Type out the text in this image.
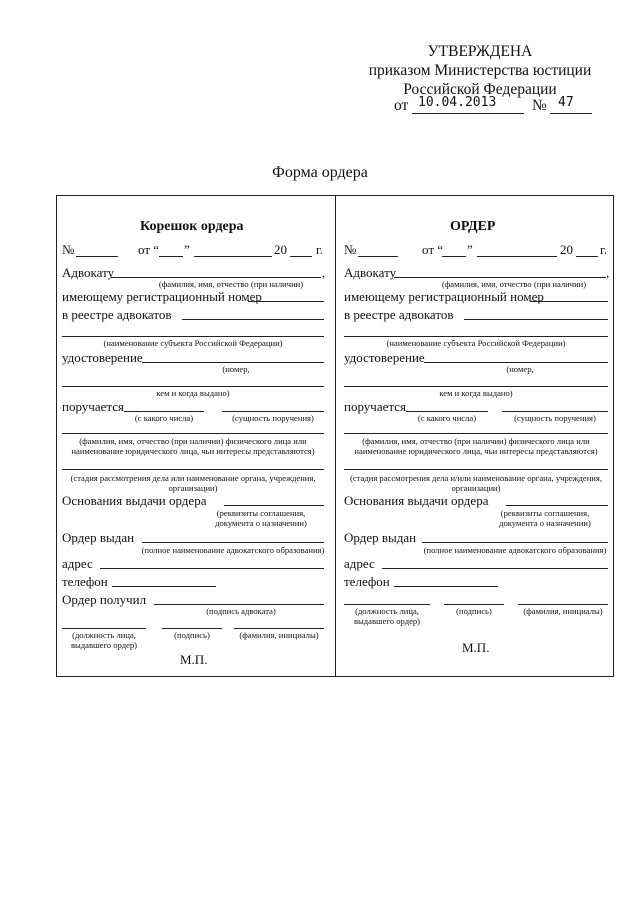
УТВЕРЖДЕНА
приказом Министерства юстиции
Российской Федерации
от 10.04.2013 № 47
Форма ордера
Корешок ордера
№	от “ ”	20 г.
Адвокату	,
(фамилия, имя, отчество (при наличии)
имеющему регистрационный номер
в реестре адвокатов
(наименование субъекта Российской Федерации)
удостоверение
(номер,
кем и когда выдано)
поручается
(с какого числа)	(сущность поручения)
(фамилия, имя, отчество (при наличии) физического лица или
наименование юридического лица, чьи интересы представляются)
(стадия рассмотрения дела или наименование органа, учреждения,
организации)
Основания выдачи ордера
(реквизиты соглашения,
документа о назначении)
Ордер выдан
(полное наименование адвокатского образования)
адрес
телефон
Ордер получил
(подпись адвоката)
(должность лица,
выдавшего ордер)
(подпись)	(фамилия, инициалы)
М.П.
ОРДЕР
№	от “ ”	20 г.
Адвокату	,
(фамилия, имя, отчество (при наличии)
имеющему регистрационный номер
в реестре адвокатов
(наименование субъекта Российской Федерации)
удостоверение
(номер,
кем и когда выдано)
поручается
(с какого числа)	(сущность поручения)
(фамилия, имя, отчество (при наличии) физического лица или
наименование юридического лица, чьи интересы представляются)
(стадия рассмотрения дела и/или наименование органа, учреждения,
организации)
Основания выдачи ордера
(реквизиты соглашения,
документа о назначении)
Ордер выдан
(полное наименование адвокатского образования)
адрес
телефон
(должность лица,
выдавшего ордер)
(подпись)	(фамилия, инициалы)
М.П.
